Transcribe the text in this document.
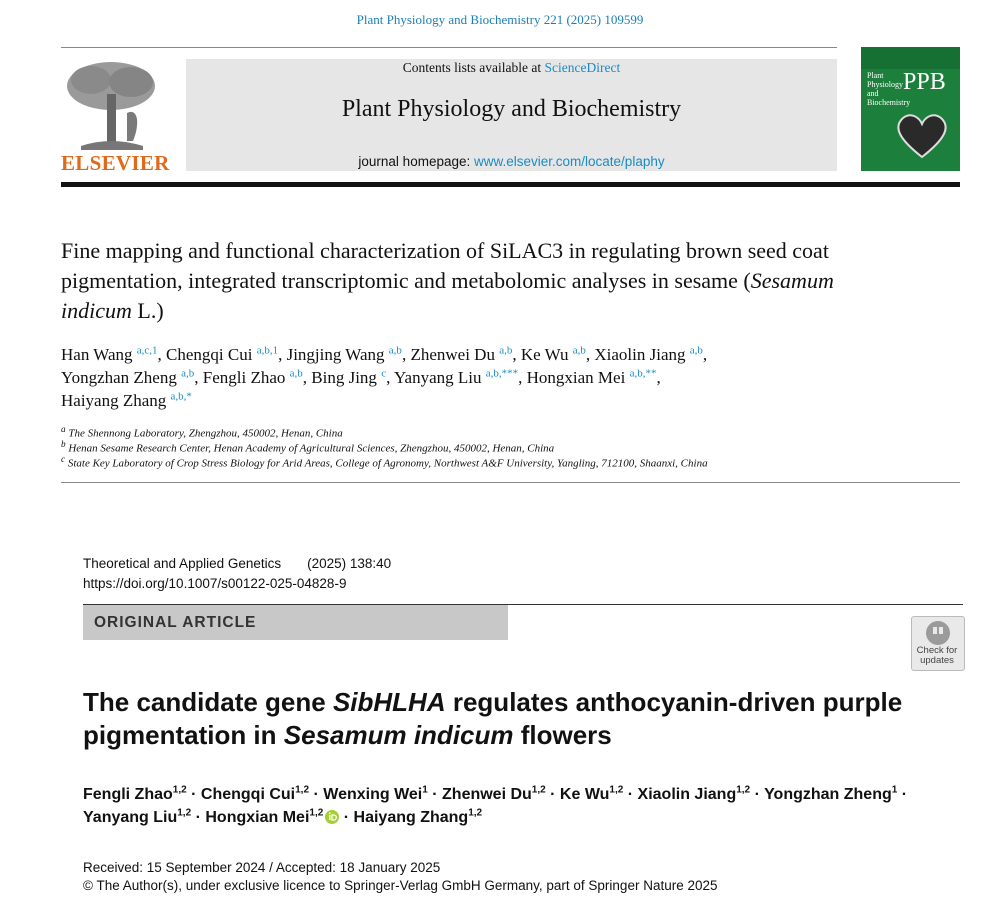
Plant Physiology and Biochemistry 221 (2025) 109599
ELSEVIER
Contents lists available at ScienceDirect
Plant Physiology and Biochemistry
journal homepage: www.elsevier.com/locate/plaphy
Plant Physiology and Biochemistry
PPB
Fine mapping and functional characterization of SiLAC3 in regulating brown seed coat pigmentation, integrated transcriptomic and metabolomic analyses in sesame (Sesamum indicum L.)
Han Wang $^{a,c,1}$, Chengqi Cui $^{a,b,1}$, Jingjing Wang $^{a,b}$, Zhenwei Du $^{a,b}$, Ke Wu $^{a,b}$, Xiaolin Jiang $^{a,b}$,
Yongzhan Zheng $^{a,b}$, Fengli Zhao $^{a,b}$, Bing Jing $^c$, Yanyang Liu $^{a,b,***}$, Hongxian Mei $^{a,b,**}$,
Haiyang Zhang $^{a,b,*}$
$^a$ The Shennong Laboratory, Zhengzhou, 450002, Henan, China
$^b$ Henan Sesame Research Center, Henan Academy of Agricultural Sciences, Zhengzhou, 450002, Henan, China
$^c$ State Key Laboratory of Crop Stress Biology for Arid Areas, College of Agronomy, Northwest A&F University, Yangling, 712100, Shaanxi, China
Theoretical and Applied Genetics (2025) 138:40
https://doi.org/10.1007/s00122-025-04828-9
ORIGINAL ARTICLE
Check for
updates
The candidate gene SibHLHA regulates anthocyanin-driven purple pigmentation in Sesamum indicum flowers
Fengli Zhao$^{1,2}$ · Chengqi Cui$^{1,2}$ · Wenxing Wei$^1$ · Zhenwei Du$^{1,2}$ · Ke Wu$^{1,2}$ · Xiaolin Jiang$^{1,2}$ · Yongzhan Zheng$^1$ ·
Yanyang Liu$^{1,2}$ · Hongxian Mei$^{1,2}$ · Haiyang Zhang$^{1,2}$
Received: 15 September 2024 / Accepted: 18 January 2025
© The Author(s), under exclusive licence to Springer-Verlag GmbH Germany, part of Springer Nature 2025
